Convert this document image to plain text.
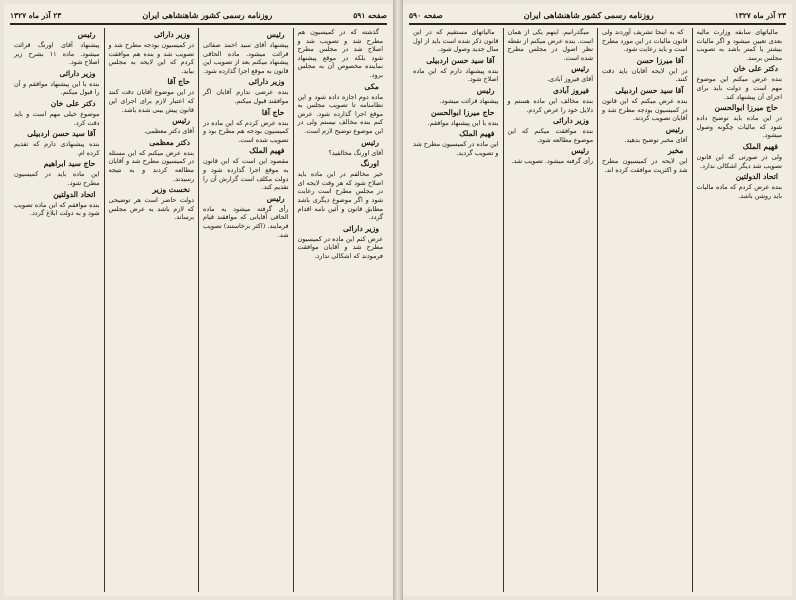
صفحه ۵۹۱
روزنامه رسمی کشور شاهنشاهی ایران
۲۳ آذر ماه ۱۳۲۷

گذشته که در کمیسیون هم مطرح شد و تصویب شد و اصلاح شد در مجلس مطرح شود بلکه در موقع پیشنهاد نماینده مخصوص آن به مجلس برود.

مکی
ماده دوم اجازه داده شود و این نظامنامه تا تصویب مجلس به موقع اجرا گذارده شود. عرض کنم بنده مخالف نیستم ولی در این موضوع توضیح لازم است.

رئیس
آقای اورنگ مخالفید؟

اورنگ
خیر مخالفم در این ماده باید اصلاح شود که هر وقت لایحه ای در مجلس مطرح است رعایت شود و اگر موضوع دیگری باشد مطابق قانون و آئین نامه اقدام گردد.

وزیر دارائی
عرض کنم این ماده در کمیسیون مطرح شد و آقایان موافقت فرمودند که اشکالی ندارد.

رئیس
پیشنهاد آقای سید احمد صفائی قرائت میشود. ماده الحاقی پیشنهاد میکنم بعد از تصویب این قانون به موقع اجرا گذارده شود.

وزیر دارائی
بنده عرضی ندارم آقایان اگر موافقند قبول میکنم.

حاج آقا
بنده عرض کردم که این ماده در کمیسیون بودجه هم مطرح بود و تصویب شده است.

فهیم الملک
مقصود این است که این قانون به موقع اجرا گذارده شود و دولت مکلف است گزارش آن را تقدیم کند.

رئیس
رأی گرفته میشود به ماده الحاقی آقایانی که موافقند قیام فرمایند. (اکثر برخاستند) تصویب شد.

وزیر دارائی
در کمیسیون بودجه مطرح شد و تصویب شد و بنده هم موافقت کردم که این لایحه به مجلس بیاید.

حاج آقا
در این موضوع آقایان دقت کنند که اعتبار لازم برای اجرای این قانون پیش بینی شده باشد.

رئیس
آقای دکتر معظمی.

دکتر معظمی
بنده عرض میکنم که این مسئله در کمیسیون مطرح شد و آقایان مطالعه کردند و به نتیجه رسیدند.

نخست وزیر
دولت حاضر است هر توضیحی که لازم باشد به عرض مجلس برساند.

رئیس
پیشنهاد آقای اورنگ قرائت میشود. ماده ۱۱ بشرح زیر اصلاح شود.

وزیر دارائی
بنده با این پیشنهاد موافقم و آن را قبول میکنم.

دکتر علی خان
موضوع خیلی مهم است و باید دقت کرد.

آقا سید حسن اردبیلی
بنده پیشنهادی دارم که تقدیم کرده ام.

حاج سید ابراهیم
این ماده باید در کمیسیون مطرح شود.

اتحاد الدولتین
بنده موافقم که این ماده تصویب شود و به دولت ابلاغ گردد.

۲۳ آذر ماه ۱۳۲۷
روزنامه رسمی کشور شاهنشاهی ایران
صفحه ۵۹۰

مالیاتهای سابقه وزارت مالیه بعدی تعیین میشود و اگر مالیات بیشتر یا کمتر باشد به تصویب مجلس برسد.

دکتر علی خان
بنده عرض میکنم این موضوع مهم است و دولت باید برای اجرای آن پیشنهاد کند.

حاج میرزا ابوالحسن
در این ماده باید توضیح داده شود که مالیات چگونه وصول میشود.

فهیم الملک
ولی در صورتی که این قانون تصویب شد دیگر اشکالی ندارد.

اتحاد الدولتین
بنده عرض کردم که ماده مالیات باید روشن باشد.

که به اینجا تشریف آوردند ولی قانون مالیات در این مورد مطرح است و باید رعایت شود.

آقا میرزا حسن
در این لایحه آقایان باید دقت کنند.

آقا سید حسن اردبیلی
بنده عرض میکنم که این قانون در کمیسیون بودجه مطرح شد و آقایان تصویب کردند.

رئیس
آقای مخبر توضیح بدهید.

مخبر
این لایحه در کمیسیون مطرح شد و اکثریت موافقت کرده اند.

میگذرانیم. اینهم یکی از همان است. بنده عرض میکنم از نقطه نظر اصول در مجلس مطرح شده است.

رئیس
آقای فیروز آبادی.

فیروز آبادی
بنده مخالف این ماده هستم و دلایل خود را عرض کردم.

وزیر دارائی
بنده موافقت میکنم که این موضوع مطالعه شود.

رئیس
رأی گرفته میشود. تصویب شد.

مالیاتهای مستقیم که در این قانون ذکر شده است باید از اول سال جدید وصول شود.

آقا سید حسن اردبیلی
بنده پیشنهاد دارم که این ماده اصلاح شود.

رئیس
پیشنهاد قرائت میشود.

حاج میرزا ابوالحسن
بنده با این پیشنهاد موافقم.

فهیم الملک
این ماده در کمیسیون مطرح شد و تصویب گردید.
